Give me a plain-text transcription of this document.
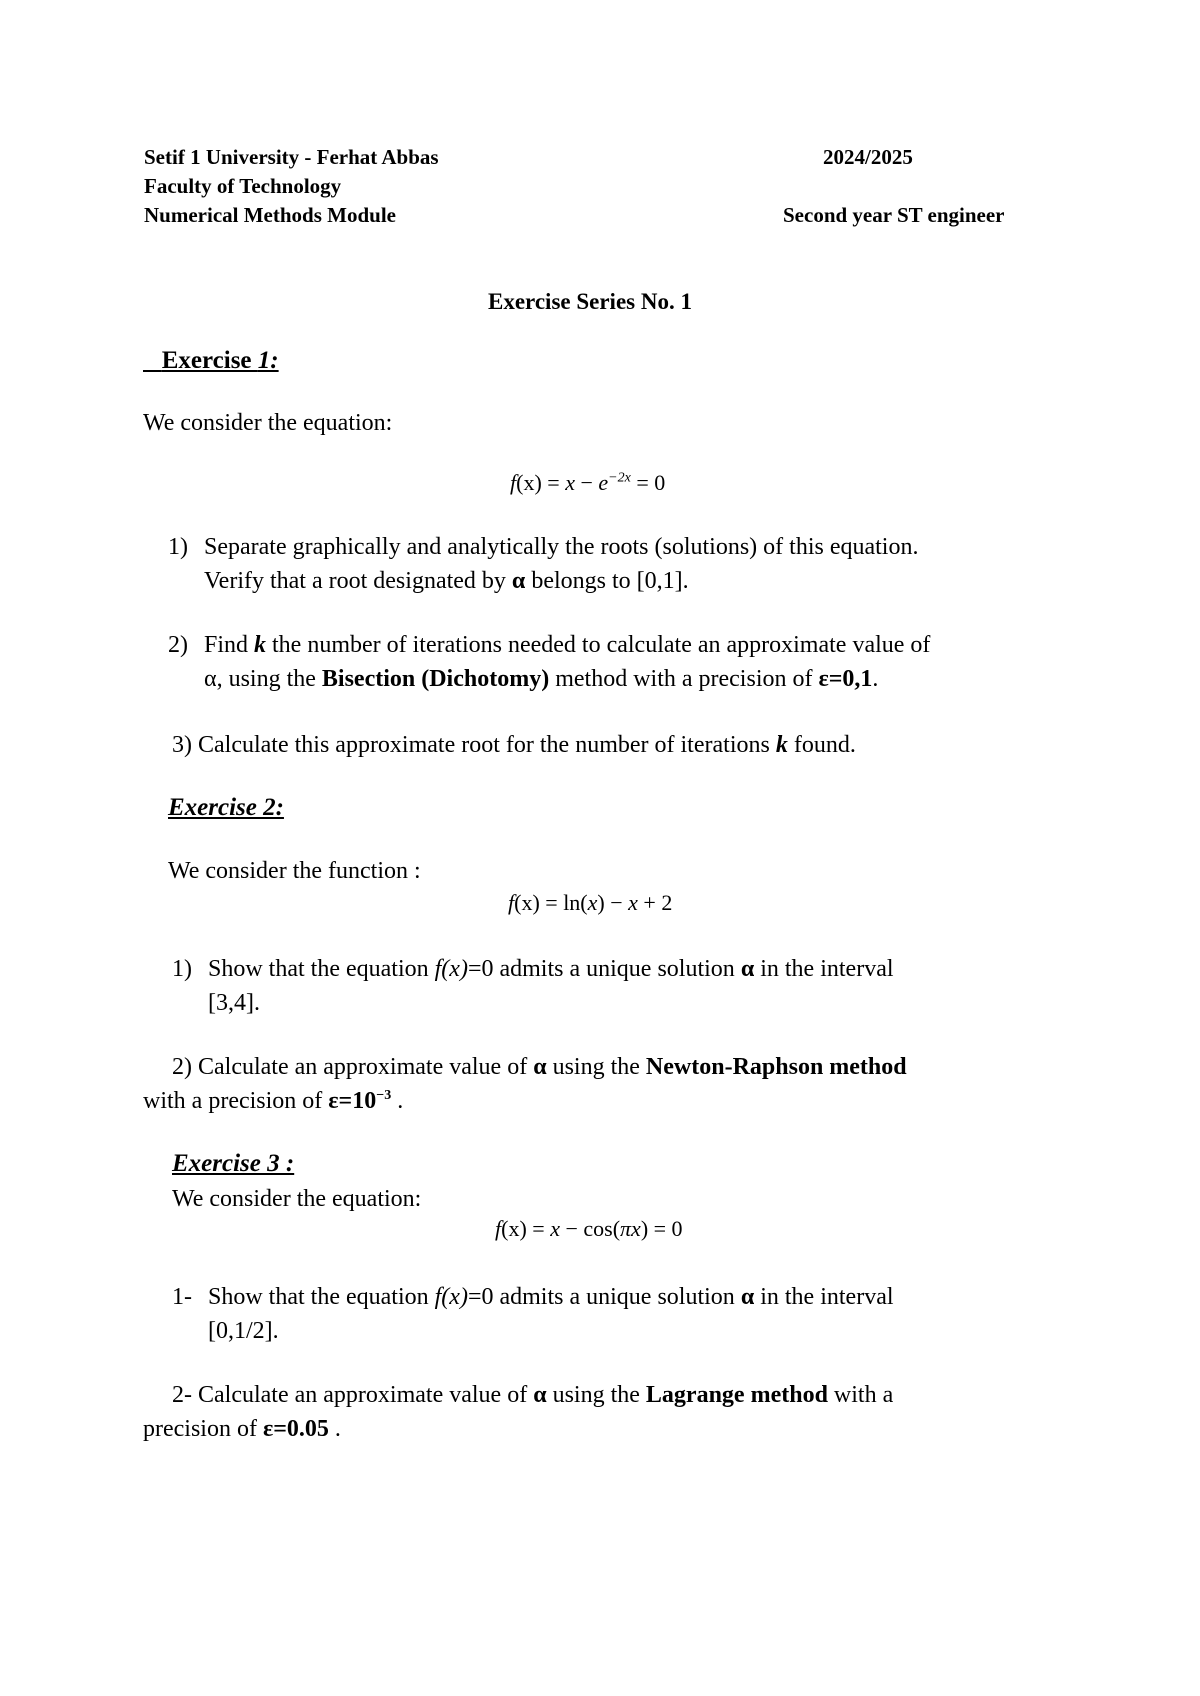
Setif 1 University - Ferhat Abbas
Faculty of Technology
Numerical Methods Module
2024/2025
Second year ST engineer
Exercise Series No. 1
Exercise 1:
We consider the equation:
$f(x) = x - e^{-2x} = 0$
1) Separate graphically and analytically the roots (solutions) of this equation.
Verify that a root designated by α belongs to [0,1].
2) Find k the number of iterations needed to calculate an approximate value of
α, using the Bisection (Dichotomy) method with a precision of ε=0,1.
3) Calculate this approximate root for the number of iterations k found.
Exercise 2:
We consider the function :
f(x) = ln(x) − x + 2
1) Show that the equation f(x)=0 admits a unique solution α in the interval
[3,4].
2) Calculate an approximate value of α using the Newton-Raphson method
with a precision of $\varepsilon=10^{-3}$ .
Exercise 3 :
We consider the equation:
f(x) = x − cos(πx) = 0
1- Show that the equation f(x)=0 admits a unique solution α in the interval
[0,1/2].
2- Calculate an approximate value of α using the Lagrange method with a
precision of ε=0.05 .
